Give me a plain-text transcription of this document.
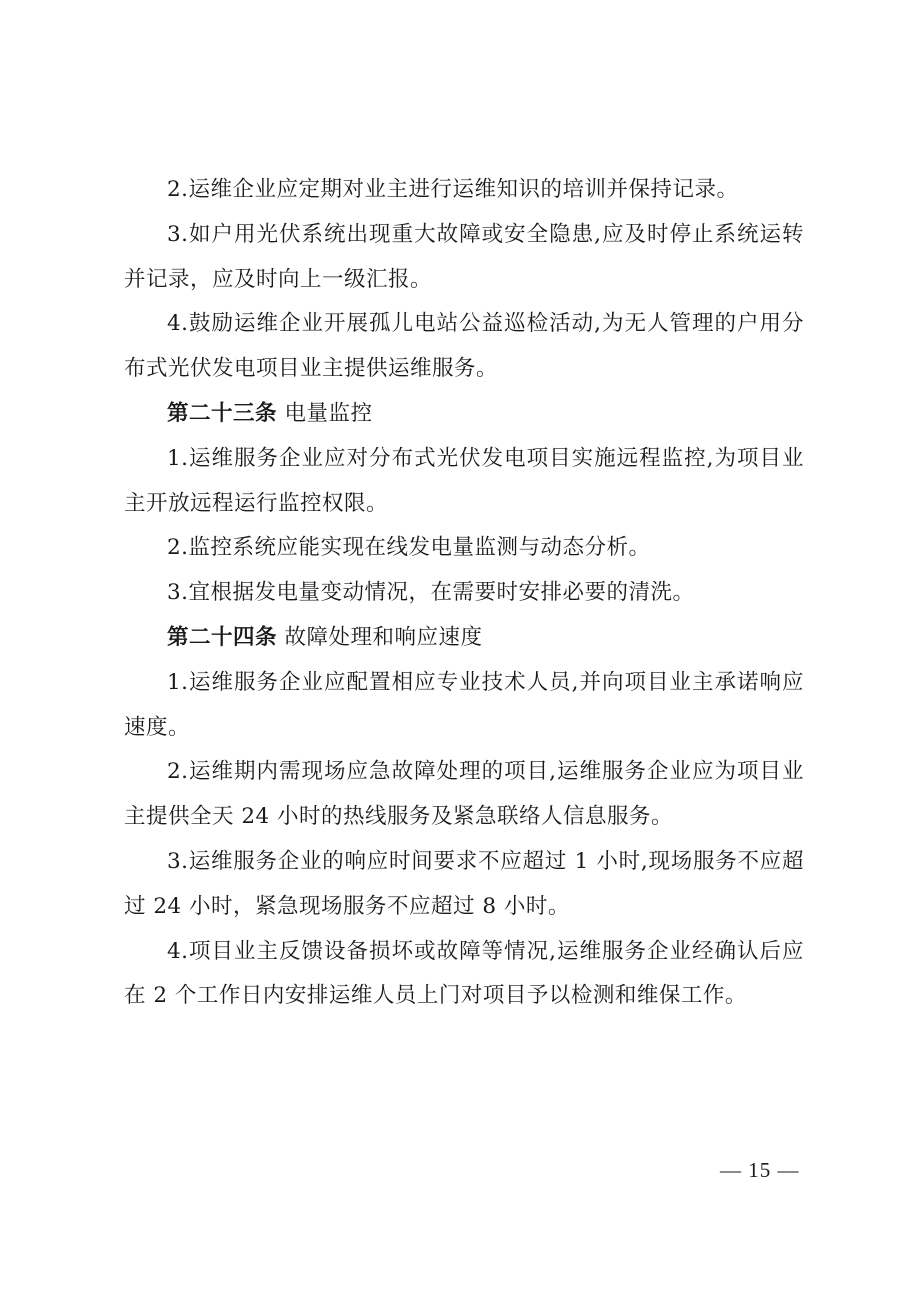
2.运维企业应定期对业主进行运维知识的培训并保持记录。

3.如户用光伏系统出现重大故障或安全隐患,应及时停止系统运转并记录，应及时向上一级汇报。

4.鼓励运维企业开展孤儿电站公益巡检活动,为无人管理的户用分布式光伏发电项目业主提供运维服务。

第二十三条 电量监控

1.运维服务企业应对分布式光伏发电项目实施远程监控,为项目业主开放远程运行监控权限。

2.监控系统应能实现在线发电量监测与动态分析。

3.宜根据发电量变动情况，在需要时安排必要的清洗。

第二十四条 故障处理和响应速度

1.运维服务企业应配置相应专业技术人员,并向项目业主承诺响应速度。

2.运维期内需现场应急故障处理的项目,运维服务企业应为项目业主提供全天 24 小时的热线服务及紧急联络人信息服务。

3.运维服务企业的响应时间要求不应超过 1 小时,现场服务不应超过 24 小时，紧急现场服务不应超过 8 小时。

4.项目业主反馈设备损坏或故障等情况,运维服务企业经确认后应在 2 个工作日内安排运维人员上门对项目予以检测和维保工作。

— 15 —
